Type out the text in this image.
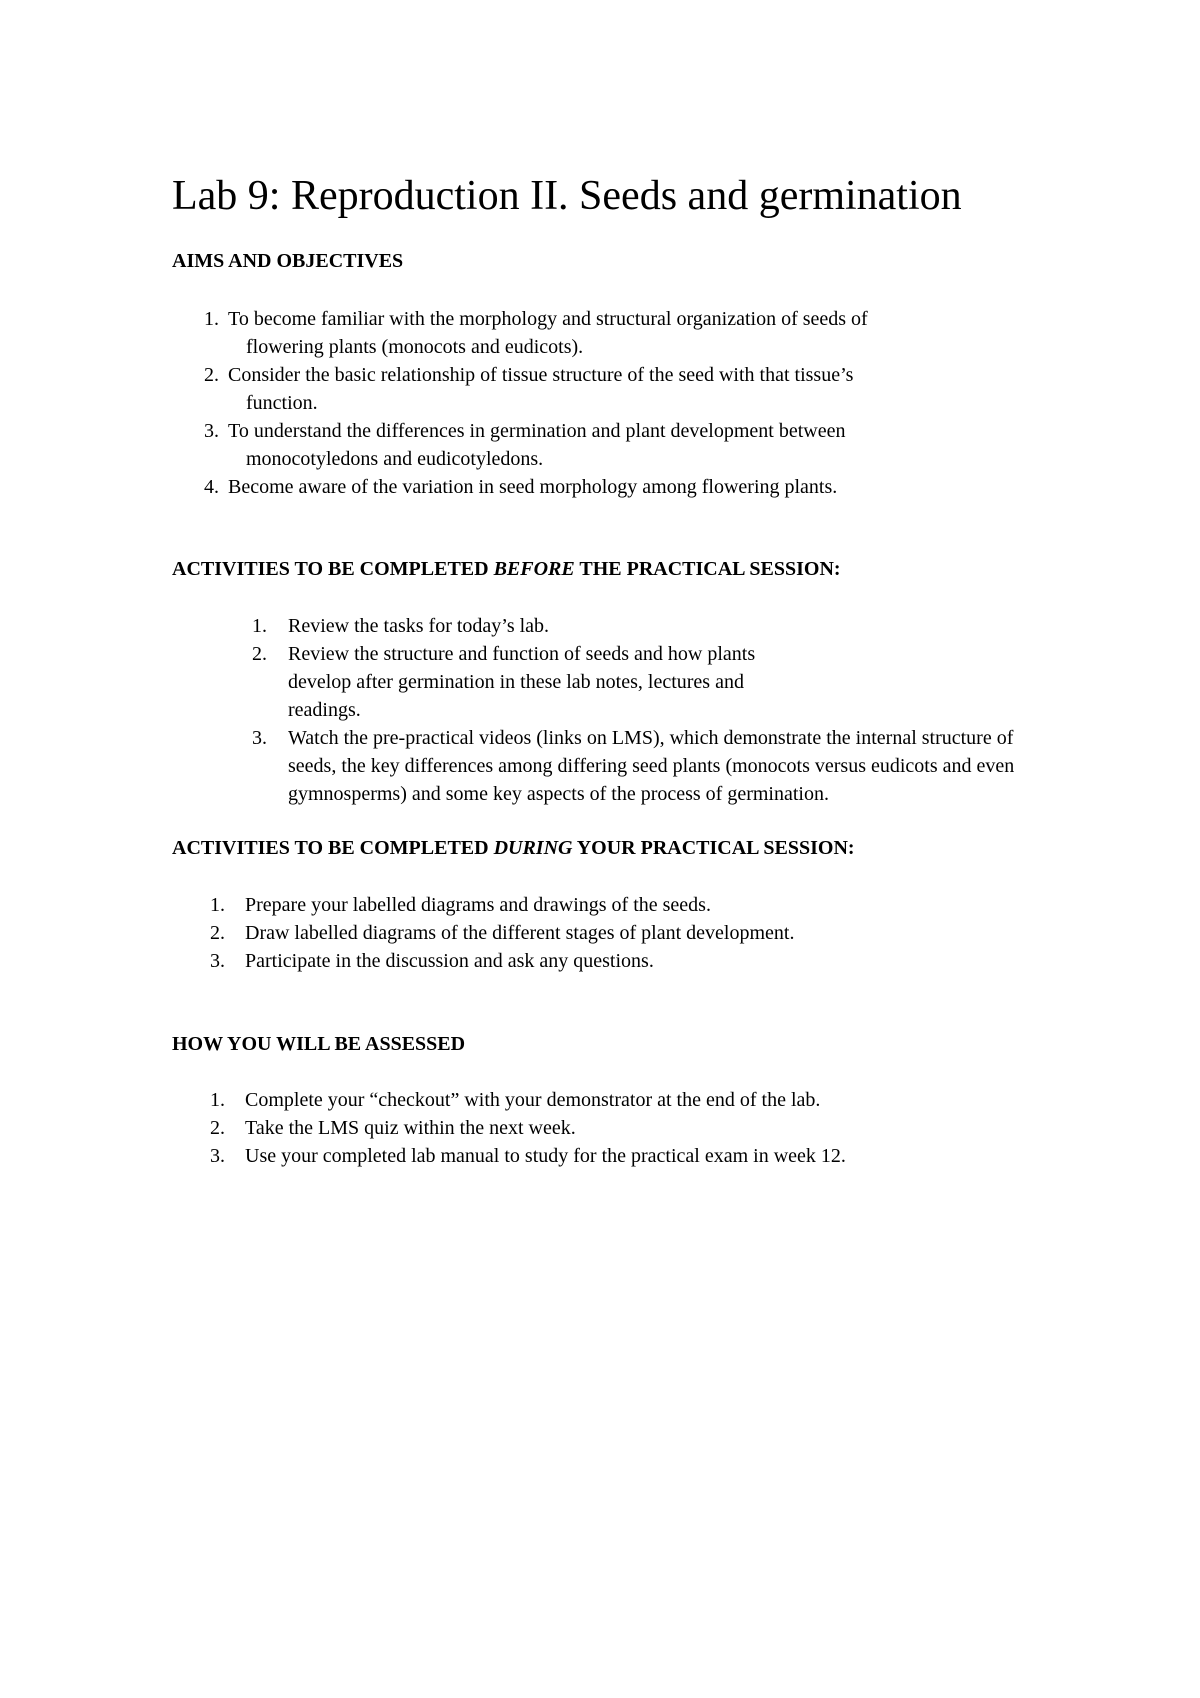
Lab 9: Reproduction II. Seeds and germination
AIMS AND OBJECTIVES
1. To become familiar with the morphology and structural organization of seeds of
flowering plants (monocots and eudicots).
2. Consider the basic relationship of tissue structure of the seed with that tissue’s
function.
3. To understand the differences in germination and plant development between
monocotyledons and eudicotyledons.
4. Become aware of the variation in seed morphology among flowering plants.
ACTIVITIES TO BE COMPLETED BEFORE THE PRACTICAL SESSION:
1.	Review the tasks for today’s lab.
2.	Review the structure and function of seeds and how plants develop after germination in these lab notes, lectures and readings.
3.	Watch the pre-practical videos (links on LMS), which demonstrate the internal structure of seeds, the key differences among differing seed plants (monocots versus eudicots and even gymnosperms) and some key aspects of the process of germination.
ACTIVITIES TO BE COMPLETED DURING YOUR PRACTICAL SESSION:
1.	Prepare your labelled diagrams and drawings of the seeds.
2.	Draw labelled diagrams of the different stages of plant development.
3.	Participate in the discussion and ask any questions.
HOW YOU WILL BE ASSESSED
1.	Complete your “checkout” with your demonstrator at the end of the lab.
2.	Take the LMS quiz within the next week.
3.	Use your completed lab manual to study for the practical exam in week 12.
